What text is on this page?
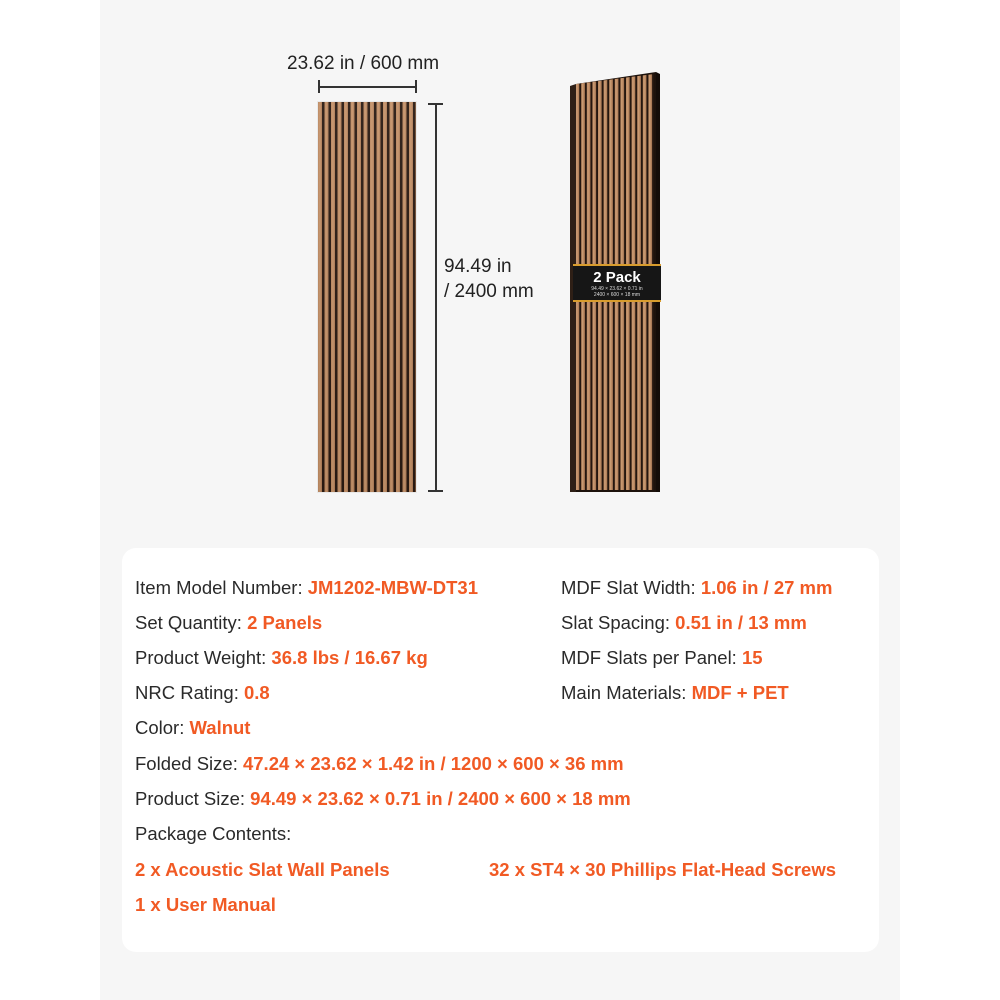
23.62 in / 600 mm
94.49 in
/ 2400 mm
2 Pack
94.49 × 23.62 × 0.71 in
2400 × 600 × 18 mm
Item Model Number: JM1202-MBW-DT31
Set Quantity: 2 Panels
Product Weight: 36.8 lbs / 16.67 kg
NRC Rating: 0.8
Color: Walnut
Folded Size: 47.24 × 23.62 × 1.42 in / 1200 × 600 × 36 mm
Product Size: 94.49 × 23.62 × 0.71 in / 2400 × 600 × 18 mm
MDF Slat Width: 1.06 in / 27 mm
Slat Spacing: 0.51 in / 13 mm
MDF Slats per Panel: 15
Main Materials: MDF + PET
Package Contents:
2 x Acoustic Slat Wall Panels	32 x ST4 × 30 Phillips Flat-Head Screws
1 x User Manual
